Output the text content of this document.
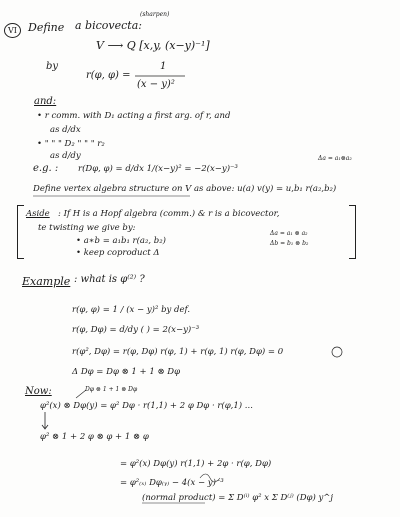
VI
(sharpen)
Define a bicovecta:
V ⟶ Q [x,y, (x−y)⁻¹]
by
r(φ, φ) =
1
(x − y)²
and:
• r comm. with D₁ acting a first arg. of r, and
as d/dx
• " " " D₂ " " " r₂
as d/dy
e.g. : r(Dφ, φ) = d/dx 1/(x−y)² = −2(x−y)⁻³
Δa = a₁⊗a₂
Define vertex algebra structure on V as above: u(a) v(y) = u,b₁ r(a₂,b₂)
Aside : If H is a Hopf algebra (comm.) & r is a bicovector,
te twisting we give by:
• a∗b = a₁b₁ r(a₂, b₂)
• keep coproduct Δ
Δa = a₁ ⊗ a₂
Δb = b₁ ⊗ b₂
Example : what is φ⁽²⁾ ?
r(φ, φ) = 1 / (x − y)² by def.
r(φ, Dφ) = d/dy ( ) = 2(x−y)⁻³
r(φ², Dφ) = r(φ, Dφ) r(φ, 1) + r(φ, 1) r(φ, Dφ) = 0
Δ Dφ = Dφ ⊗ 1 + 1 ⊗ Dφ
Now:	Dφ ⊗ 1 + 1 ⊗ Dφ
φ²(x) ⊗ Dφ(y) = φ² Dφ · r(1,1) + 2 φ Dφ · r(φ,1) ...
φ² ⊗ 1 + 2 φ ⊗ φ + 1 ⊗ φ
= φ²(x) Dφ(y) r(1,1) + 2φ · r(φ, Dφ)
= φ²₍ₓ₎ Dφ₍ᵧ₎ − 4(x − y)⁻³
(normal product) = Σ D⁽ⁱ⁾ φ² x Σ D⁽ʲ⁾ (Dφ) y^j
